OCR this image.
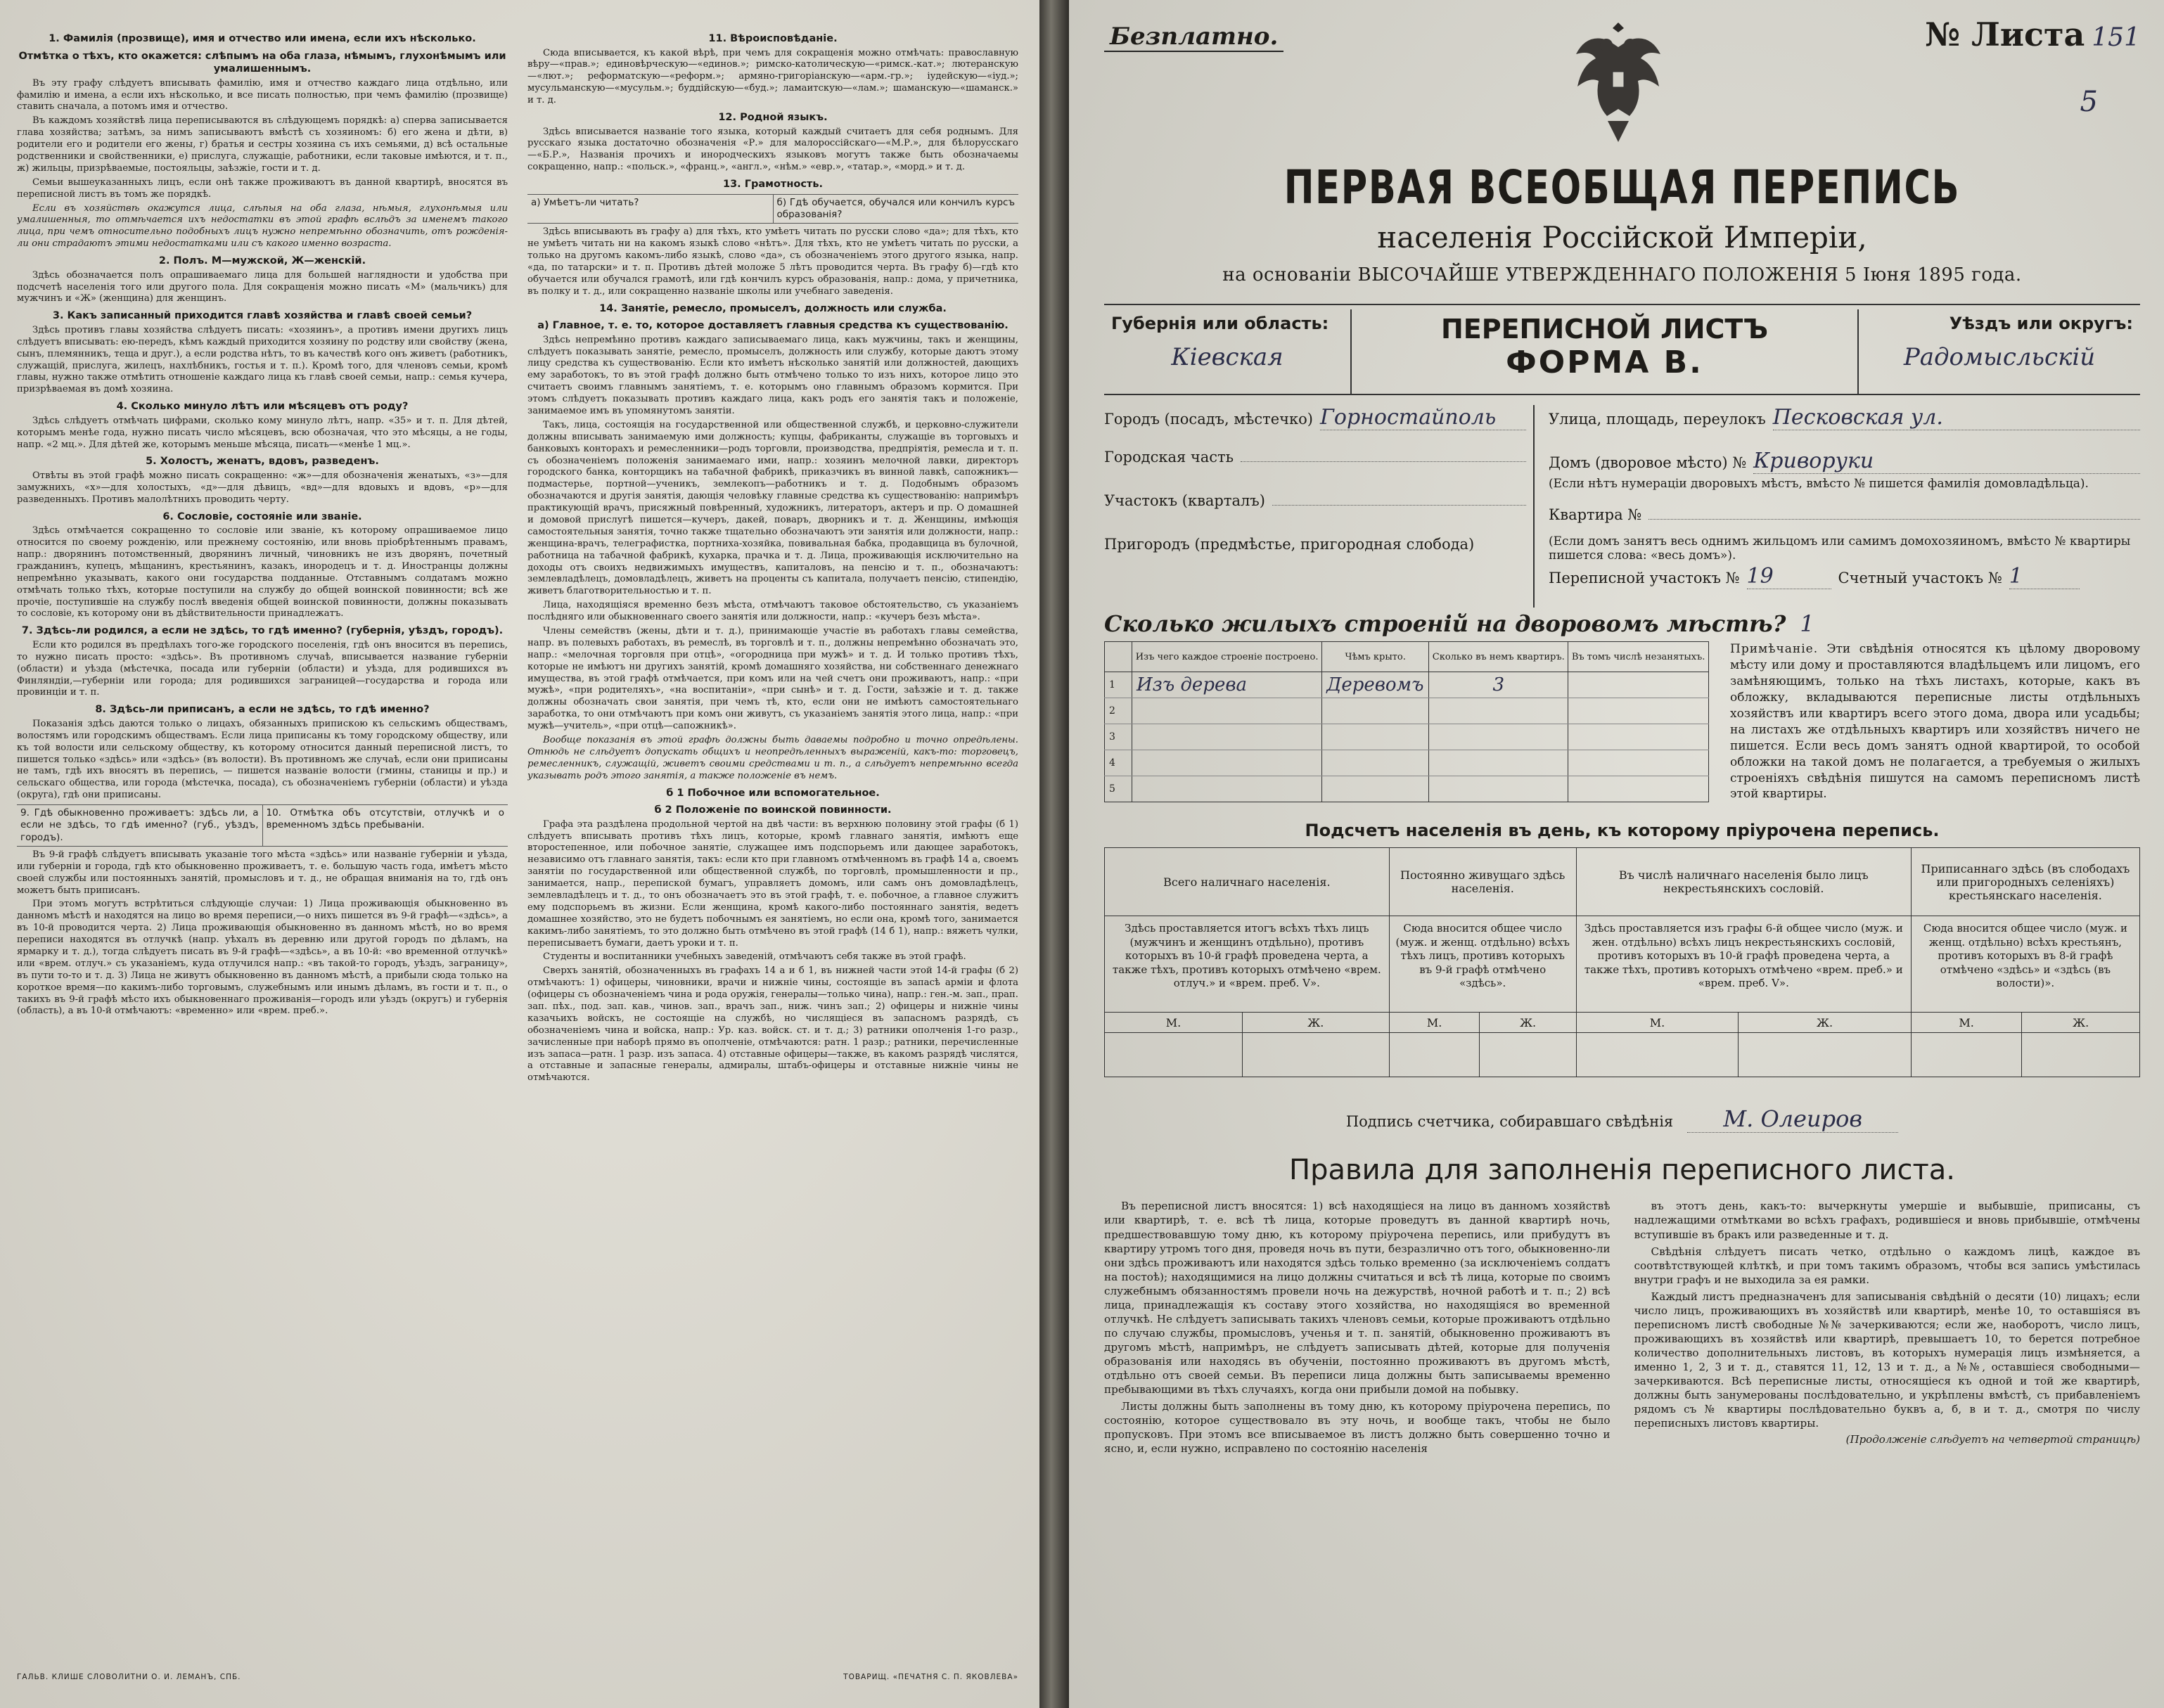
1. Фамилія (прозвище), имя и отчество или имена, если ихъ нѣсколько.
Отмѣтка о тѣхъ, кто окажется: слѣпымъ на оба глаза, нѣмымъ, глухонѣмымъ или умалишеннымъ.

Въ эту графу слѣдуетъ вписывать фамилію, имя и отчество каждаго лица отдѣльно, или фамилію и имена, а если ихъ нѣсколько, и все писать полностью, при чемъ фамилію (прозвище) ставить сначала, а потомъ имя и отчество.

Въ каждомъ хозяйствѣ лица переписываются въ слѣдующемъ порядкѣ: а) сперва записывается глава хозяйства; затѣмъ, за нимъ записываютъ вмѣстѣ съ хозяиномъ: б) его жена и дѣти, в) родители его и родители его жены, г) братья и сестры хозяина съ ихъ семьями, д) всѣ остальные родственники и свойственники, е) прислуга, служащіе, работники, если таковые имѣются, и т. п., ж) жильцы, призрѣваемые, постояльцы, заѣзжіе, гости и т. д.

Семьи вышеуказанныхъ лицъ, если онѣ также проживаютъ въ данной квартирѣ, вносятся въ переписной листъ въ томъ же порядкѣ.

Если въ хозяйствѣ окажутся лица, слѣпыя на оба глаза, нѣмыя, глухонѣмыя или умалишенныя, то отмѣчается ихъ недостатки въ этой графѣ вслѣдъ за именемъ такого лица, при чемъ относительно подобныхъ лицъ нужно непремѣнно обозначить, отъ рожденія-ли они страдаютъ этими недостатками или съ какого именно возраста.

2. Полъ. М—мужской, Ж—женскій.

Здѣсь обозначается полъ опрашиваемаго лица для большей наглядности и удобства при подсчетѣ населенія того или другого пола. Для сокращенія можно писать «М» (мальчикъ) для мужчинъ и «Ж» (женщина) для женщинъ.

3. Какъ записанный приходится главѣ хозяйства и главѣ своей семьи?

Здѣсь противъ главы хозяйства слѣдуетъ писать: «хозяинъ», а противъ имени другихъ лицъ слѣдуетъ вписывать: ею-передъ, кѣмъ каждый приходится хозяину по родству или свойству (жена, сынъ, племянникъ, теща и друг.), а если родства нѣтъ, то въ качествѣ кого онъ живетъ (работникъ, служащій, прислуга, жилецъ, нахлѣбникъ, гостья и т. п.). Кромѣ того, для членовъ семьи, кромѣ главы, нужно также отмѣтить отношеніе каждаго лица къ главѣ своей семьи, напр.: семья кучера, призрѣваемая въ домѣ хозяина.

4. Сколько минуло лѣтъ или мѣсяцевъ отъ роду?

Здѣсь слѣдуетъ отмѣчать цифрами, сколько кому минуло лѣтъ, напр. «35» и т. п. Для дѣтей, которымъ менѣе года, нужно писать число мѣсяцевъ, всю обозначая, что это мѣсяцы, а не годы, напр. «2 мц.». Для дѣтей же, которымъ меньше мѣсяца, писать—«менѣе 1 мц.».

5. Холостъ, женатъ, вдовъ, разведенъ.

Отвѣты въ этой графѣ можно писать сокращенно: «ж»—для обозначенія женатыхъ, «з»—для замужнихъ, «х»—для холостыхъ, «д»—для дѣвицъ, «вд»—для вдовыхъ и вдовъ, «р»—для разведенныхъ. Противъ малолѣтнихъ проводить черту.

6. Сословіе, состояніе или званіе.

Здѣсь отмѣчается сокращенно то сословіе или званіе, къ которому опрашиваемое лицо относится по своему рожденію, или прежнему состоянію, или вновь пріобрѣтеннымъ правамъ, напр.: дворянинъ потомственный, дворянинъ личный, чиновникъ не изъ дворянъ, почетный гражданинъ, купецъ, мѣщанинъ, крестьянинъ, казакъ, инородецъ и т. д. Иностранцы должны непремѣнно указывать, какого они государства подданные. Отставнымъ солдатамъ можно отмѣчать только тѣхъ, которые поступили на службу до общей воинской повинности; всѣ же прочіе, поступившіе на службу послѣ введенія общей воинской повинности, должны показывать то сословіе, къ которому они въ дѣйствительности принадлежатъ.

7. Здѣсь-ли родился, а если не здѣсь, то гдѣ именно? (губернія, уѣздъ, городъ).

Если кто родился въ предѣлахъ того-же городского поселенія, гдѣ онъ вносится въ перепись, то нужно писать просто: «здѣсь». Въ противномъ случаѣ, вписывается название губерніи (области) и уѣзда (мѣстечка, посада или губерніи (области) и уѣзда, для родившихся въ Финляндіи,—губерніи или города; для родившихся заграницей—государства и города или провинціи и т. п.

8. Здѣсь-ли приписанъ, а если не здѣсь, то гдѣ именно?

Показанія здѣсь даются только о лицахъ, обязанныхъ припискою къ сельскимъ обществамъ, волостямъ или городскимъ обществамъ. Если лица приписаны къ тому городскому обществу, или къ той волости или сельскому обществу, къ которому относится данный переписной листъ, то пишется только «здѣсь» или «здѣсь» (въ волости). Въ противномъ же случаѣ, если они приписаны не тамъ, гдѣ ихъ вносятъ въ перепись, — пишется названіе волости (гмины, станицы и пр.) и сельскаго общества, или города (мѣстечка, посада), съ обозначеніемъ губерніи (области) и уѣзда (округа), гдѣ они приписаны.

9. Гдѣ обыкновенно проживаетъ: здѣсь ли, а если не здѣсь, то гдѣ именно? (губ., уѣздъ, городъ).
10. Отмѣтка объ отсутствіи, отлучкѣ и о временномъ здѣсь пребываніи.

Въ 9-й графѣ слѣдуетъ вписывать указаніе того мѣста «здѣсь» или названіе губерніи и уѣзда, или губерніи и города, гдѣ кто обыкновенно проживаетъ, т. е. большую часть года, имѣетъ мѣсто своей службы или постоянныхъ занятій, промысловъ и т. д., не обращая вниманія на то, гдѣ онъ можетъ быть приписанъ.

При этомъ могутъ встрѣтиться слѣдующіе случаи: 1) Лица проживающія обыкновенно въ данномъ мѣстѣ и находятся на лицо во время переписи,—о нихъ пишется въ 9-й графѣ—«здѣсь», а въ 10-й проводится черта. 2) Лица проживающія обыкновенно въ данномъ мѣстѣ, но во время переписи находятся въ отлучкѣ (напр. уѣхалъ въ деревню или другой городъ по дѣламъ, на ярмарку и т. д.), тогда слѣдуетъ писать въ 9-й графѣ—«здѣсь», а въ 10-й: «во временной отлучкѣ» или «врем. отлуч.» съ указаніемъ, куда отлучился напр.: «въ такой-то городъ, уѣздъ, заграницу», въ пути то-то и т. д. 3) Лица не живутъ обыкновенно въ данномъ мѣстѣ, а прибыли сюда только на короткое время—по какимъ-либо торговымъ, служебнымъ или инымъ дѣламъ, въ гости и т. п., о такихъ въ 9-й графѣ мѣсто ихъ обыкновеннаго проживанія—городъ или уѣздъ (округъ) и губернія (область), а въ 10-й отмѣчаютъ: «временно» или «врем. преб.».

11. Вѣроисповѣданіе.

Сюда вписывается, къ какой вѣрѣ, при чемъ для сокращенія можно отмѣчать: православную вѣру—«прав.»; единовѣрческую—«единов.»; римско-католическую—«римск.-кат.»; лютеранскую—«лют.»; реформатскую—«реформ.»; армяно-григоріанскую—«арм.-гр.»; іудейскую—«іуд.»; мусульманскую—«мусульм.»; буддійскую—«буд.»; ламаитскую—«лам.»; шаманскую—«шаманск.» и т. д.

12. Родной языкъ.

Здѣсь вписывается названіе того языка, который каждый считаетъ для себя роднымъ. Для русскаго языка достаточно обозначенія «Р.» для малороссійскаго—«М.Р.», для бѣлорусскаго—«Б.Р.», Названія прочихъ и инородческихъ языковъ могутъ также быть обозначаемы сокращенно, напр.: «польск.», «франц.», «англ.», «нѣм.» «евр.», «татар.», «морд.» и т. д.

13. Грамотность.
а) Умѣетъ-ли читать?	б) Гдѣ обучается, обучался или кончилъ курсъ образованія?

Здѣсь вписывають въ графу а) для тѣхъ, кто умѣетъ читать по русски слово «да»; для тѣхъ, кто не умѣетъ читать ни на какомъ языкѣ слово «нѣтъ». Для тѣхъ, кто не умѣетъ читать по русски, а только на другомъ какомъ-либо языкѣ, слово «да», съ обозначеніемъ этого другого языка, напр. «да, по татарски» и т. п. Противъ дѣтей моложе 5 лѣтъ проводится черта. Въ графу б)—гдѣ кто обучается или обучался грамотѣ, или гдѣ кончилъ курсъ образованія, напр.: дома, у причетника, въ полку и т. д., или сокращенно названіе школы или учебнаго заведенія.

14. Занятіе, ремесло, промыселъ, должность или служба.
а) Главное, т. е. то, которое доставляетъ главныя средства къ существованію.

Здѣсь непремѣнно противъ каждаго записываемаго лица, какъ мужчины, такъ и женщины, слѣдуетъ показывать занятіе, ремесло, промыселъ, должность или службу, которые даютъ этому лицу средства къ существованію. Если кто имѣетъ нѣсколько занятій или должностей, дающихъ ему заработокъ, то въ этой графѣ должно быть отмѣчено только то изъ нихъ, которое лицо это считаетъ своимъ главнымъ занятіемъ, т. е. которымъ оно главнымъ образомъ кормится. При этомъ слѣдуетъ показывать противъ каждаго лица, какъ родъ его занятія такъ и положеніе, занимаемое имъ въ упомянутомъ занятіи.

Такъ, лица, состоящія на государственной или общественной службѣ, и церковно-служители должны вписывать занимаемую ими должность; купцы, фабриканты, служащіе въ торговыхъ и банковыхъ конторахъ и ремесленники—родъ торговли, производства, предпріятія, ремесла и т. п. съ обозначеніемъ положенія занимаемаго ими, напр.: хозяинъ мелочной лавки, директоръ городского банка, конторщикъ на табачной фабрикѣ, приказчикъ въ винной лавкѣ, сапожникъ—подмастерье, портной—ученикъ, землекопъ—работникъ и т. д. Подобнымъ образомъ обозначаются и другія занятія, дающія человѣку главные средства къ существованію: напримѣръ практикующій врачъ, присяжный повѣренный, художникъ, литераторъ, актеръ и пр. О домашней и домовой прислугѣ пишется—кучеръ, дакей, поваръ, дворникъ и т. д. Женщины, имѣющія самостоятельныя занятія, точно также тщательно обозначаютъ эти занятія или должности, напр.: женщина-врачъ, телеграфистка, портниха-хозяйка, повивальная бабка, продавщица въ булочной, работница на табачной фабрикѣ, кухарка, прачка и т. д. Лица, проживающія исключительно на доходы отъ своихъ недвижимыхъ имуществъ, капиталовъ, на пенсію и т. п., обозначаютъ: землевладѣлецъ, домовладѣлецъ, живетъ на проценты съ капитала, получаетъ пенсію, стипендію, живетъ благотворительностью и т. п.

Лица, находящіяся временно безъ мѣста, отмѣчаютъ таковое обстоятельство, съ указаніемъ послѣдняго или обыкновеннаго своего занятія или должности, напр.: «кучеръ безъ мѣста».

Члены семействъ (жены, дѣти и т. д.), принимающіе участіе въ работахъ главы семейства, напр. въ полевыхъ работахъ, въ ремеслѣ, въ торговлѣ и т. п., должны непремѣнно обозначать это, напр.: «мелочная торговля при отцѣ», «огородница при мужѣ» и т. д. И только противъ тѣхъ, которые не имѣютъ ни другихъ занятій, кромѣ домашняго хозяйства, ни собственнаго денежнаго имущества, въ этой графѣ отмѣчается, при комъ или на чей счетъ они проживаютъ, напр.: «при мужѣ», «при родителяхъ», «на воспитаніи», «при сынѣ» и т. д. Гости, заѣзжіе и т. д. также должны обозначать свои занятія, при чемъ тѣ, кто, если они не имѣютъ самостоятельнаго заработка, то они отмѣчаютъ при комъ они живутъ, съ указаніемъ занятія этого лица, напр.: «при мужѣ—учитель», «при отцѣ—сапожникѣ».

Вообще показанія въ этой графѣ должны быть даваемы подробно и точно опредѣлены. Отнюдь не слѣдуетъ допускать общихъ и неопредѣленныхъ выраженій, какъ-то: торговецъ, ремесленникъ, служащій, живетъ своими средствами и т. п., а слѣдуетъ непремѣнно всегда указывать родъ этого занятія, а также положеніе въ немъ.

б 1 Побочное или вспомогательное.
б 2 Положеніе по воинской повинности.

Графа эта раздѣлена продольной чертой на двѣ части: въ верхнюю половину этой графы (б 1) слѣдуетъ вписывать противъ тѣхъ лицъ, которые, кромѣ главнаго занятія, имѣютъ еще второстепенное, или побочное занятіе, служащее имъ подспорьемъ или дающее заработокъ, независимо отъ главнаго занятія, такъ: если кто при главномъ отмѣченномъ въ графѣ 14 а, своемъ занятіи по государственной или общественной службѣ, по торговлѣ, промышленности и пр., занимается, напр., перепиской бумагъ, управляетъ домомъ, или самъ онъ домовладѣлецъ, землевладѣлецъ и т. д., то онъ обозначаетъ это въ этой графѣ, т. е. побочное, а главное служитъ ему подспорьемъ въ жизни. Если женщина, кромѣ какого-либо постояннаго занятія, ведетъ домашнее хозяйство, это не будетъ побочнымъ ея занятіемъ, но если она, кромѣ того, занимается какимъ-либо занятіемъ, то это должно быть отмѣчено въ этой графѣ (14 б 1), напр.: вяжетъ чулки, переписываетъ бумаги, даетъ уроки и т. п.

Студенты и воспитанники учебныхъ заведеній, отмѣчаютъ себя также въ этой графѣ.

Сверхъ занятій, обозначенныхъ въ графахъ 14 а и б 1, въ нижней части этой 14-й графы (б 2) отмѣчаютъ: 1) офицеры, чиновники, врачи и нижніе чины, состоящіе въ запасѣ арміи и флота (офицеры съ обозначеніемъ чина и рода оружія, генералы—только чина), напр.: ген.-м. зап., прап. зап. пѣх., под. зап. кав., чинов. зап., врачъ зап., ниж. чинъ зап.; 2) офицеры и нижніе чины казачьихъ войскъ, не состоящіе на службѣ, но числящіеся въ запасномъ разрядѣ, съ обозначеніемъ чина и войска, напр.: Ур. каз. войск. ст. и т. д.; 3) ратники ополченія 1-го разр., зачисленные при наборѣ прямо въ ополченіе, отмѣчаются: ратн. 1 разр.; ратники, перечисленные изъ запаса—ратн. 1 разр. изъ запаса. 4) отставные офицеры—также, въ какомъ разрядѣ числятся, а отставные и запасные генералы, адмиралы, штабъ-офицеры и отставные нижніе чины не отмѣчаются.

ГАЛЬВ. КЛИШЕ СЛОВОЛИТНИ О. И. ЛЕМАНЪ, СПБ.	ТОВАРИЩ. «ПЕЧАТНЯ С. П. ЯКОВЛЕВА»
Безплатно.	№ Листа 151
5
ПЕРВАЯ ВСЕОБЩАЯ ПЕРЕПИСЬ
населенія Россійской Имперіи,
на основаніи ВЫСОЧАЙШЕ УТВЕРЖДЕННАГО ПОЛОЖЕНІЯ 5 Іюня 1895 года.
Губернія или область:
Кіевская
ПЕРЕПИСНОЙ ЛИСТЪ
ФОРМА В.
Уѣздъ или округъ:
Радомысльскій
Городъ (посадъ, мѣстечко) Горностайполь
Городская часть
Участокъ (кварталъ)
Пригородъ (предмѣстье, пригородная слобода)
Улица, площадь, переулокъ Песковская ул.
Домъ (дворовое мѣсто) № Криворуки
(Если нѣтъ нумераціи дворовыхъ мѣстъ, вмѣсто № пишется фамилія домовладѣльца).
Квартира №
(Если домъ занятъ весь однимъ жильцомъ или самимъ домохозяиномъ, вмѣсто № квартиры пишется слова: «весь домъ»).
Переписной участокъ № 19	Счетный участокъ № 1
Сколько жилыхъ строеній на дворовомъ мѣстѣ? 1
	Изъ чего каждое строеніе построено.	Чѣмъ крыто.	Сколько въ немъ квартиръ.	Въ томъ числѣ незанятыхъ.
1	Изъ дерева	Деревомъ	3	
2				
3				
4				
5				
Примѣчаніе. Эти свѣдѣнія относятся къ цѣлому дворовому мѣсту или дому и проставляются владѣльцемъ или лицомъ, его замѣняющимъ, только на тѣхъ листахъ, которые, какъ въ обложку, вкладываются переписные листы отдѣльныхъ хозяйствъ или квартиръ всего этого дома, двора или усадьбы; на листахъ же отдѣльныхъ квартиръ или хозяйствъ ничего не пишется. Если весь домъ занятъ одной квартирой, то особой обложки на такой домъ не полагается, а требуемыя о жилыхъ строеніяхъ свѣдѣнія пишутся на самомъ переписномъ листѣ этой квартиры.
Подсчетъ населенія въ день, къ которому пріурочена перепись.
Всего наличнаго населенія.		Постоянно живущаго здѣсь населенія.		Въ числѣ наличнаго населенія было лицъ некрестьянскихъ сословій.		Приписаннаго здѣсь (въ слободахъ или пригородныхъ селеніяхъ) крестьянскаго населенія.	
Здѣсь проставляется итогъ всѣхъ тѣхъ лицъ (мужчинъ и женщинъ отдѣльно), противъ которыхъ въ 10-й графѣ проведена черта, а также тѣхъ, противъ которыхъ отмѣчено «врем. отлуч.» и «врем. преб. V».		Сюда вносится общее число (муж. и женщ. отдѣльно) всѣхъ тѣхъ лицъ, противъ которыхъ въ 9-й графѣ отмѣчено «здѣсь».		Здѣсь проставляется изъ графы 6-й общее число (муж. и жен. отдѣльно) всѣхъ лицъ некрестьянскихъ сословій, противъ которыхъ въ 10-й графѣ проведена черта, а также тѣхъ, противъ которыхъ отмѣчено «врем. преб.» и «врем. преб. V».		Сюда вносится общее число (муж. и женщ. отдѣльно) всѣхъ крестьянъ, противъ которыхъ въ 8-й графѣ отмѣчено «здѣсь» и «здѣсь (въ волости)».	
М.	Ж.	М.	Ж.	М.	Ж.	М.	Ж.

Подпись счетчика, собиравшаго свѣдѣнія	М. Олеиров
Правила для заполненія переписного листа.

Въ переписной листъ вносятся: 1) всѣ находящіеся на лицо въ данномъ хозяйствѣ или квартирѣ, т. е. всѣ тѣ лица, которые проведутъ въ данной квартирѣ ночь, предшествовавшую тому дню, къ которому пріурочена перепись, или прибудутъ въ квартиру утромъ того дня, проведя ночь въ пути, безразлично отъ того, обыкновенно-ли они здѣсь проживаютъ или находятся здѣсь только временно (за исключеніемъ солдатъ на постоѣ); находящимися на лицо должны считаться и всѣ тѣ лица, которые по своимъ служебнымъ обязанностямъ провели ночь на дежурствѣ, ночной работѣ и т. п.; 2) всѣ лица, принадлежащія къ составу этого хозяйства, но находящіяся во временной отлучкѣ. Не слѣдуетъ записывать такихъ членовъ семьи, которые проживаютъ отдѣльно по случаю службы, промысловъ, ученья и т. п. занятій, обыкновенно проживаютъ въ другомъ мѣстѣ, напримѣръ, не слѣдуетъ записывать дѣтей, которые для полученія образованія или находясь въ обученіи, постоянно проживаютъ въ другомъ мѣстѣ, отдѣльно отъ своей семьи. Въ переписи лица должны быть записываемы временно пребывающими въ тѣхъ случаяхъ, когда они прибыли домой на побывку.

Листы должны быть заполнены въ тому дню, къ которому пріурочена перепись, по состоянію, которое существовало въ эту ночь, и вообще такъ, чтобы не было пропусковъ. При этомъ все вписываемое въ листъ должно быть совершенно точно и ясно, и, если нужно, исправлено по состоянію населенія

въ этотъ день, какъ-то: вычеркнуты умершіе и выбывшіе, приписаны, съ надлежащими отмѣтками во всѣхъ графахъ, родившіеся и вновь прибывшіе, отмѣчены вступившіе въ бракъ или разведенные и т. д.

Свѣдѣнія слѣдуетъ писать четко, отдѣльно о каждомъ лицѣ, каждое въ соотвѣтствующей клѣткѣ, и при томъ такимъ образомъ, чтобы вся запись умѣстилась внутри графъ и не выходила за ея рамки.

Каждый листъ предназначенъ для записыванія свѣдѣній о десяти (10) лицахъ; если число лицъ, проживающихъ въ хозяйствѣ или квартирѣ, менѣе 10, то оставшіяся въ переписномъ листѣ свободные №№ зачеркиваются; если же, наоборотъ, число лицъ, проживающихъ въ хозяйствѣ или квартирѣ, превышаетъ 10, то берется потребное количество дополнительныхъ листовъ, въ которыхъ нумерація лицъ измѣняется, а именно 1, 2, 3 и т. д., ставятся 11, 12, 13 и т. д., а №№, оставшіеся свободными—зачеркиваются. Всѣ переписные листы, относящіеся къ одной и той же квартирѣ, должны быть занумерованы послѣдовательно, и укрѣплены вмѣстѣ, съ прибавленіемъ рядомъ съ № квартиры послѣдовательно буквъ а, б, в и т. д., смотря по числу переписныхъ листовъ квартиры.

(Продолженіе слѣдуетъ на четвертой страницѣ)
